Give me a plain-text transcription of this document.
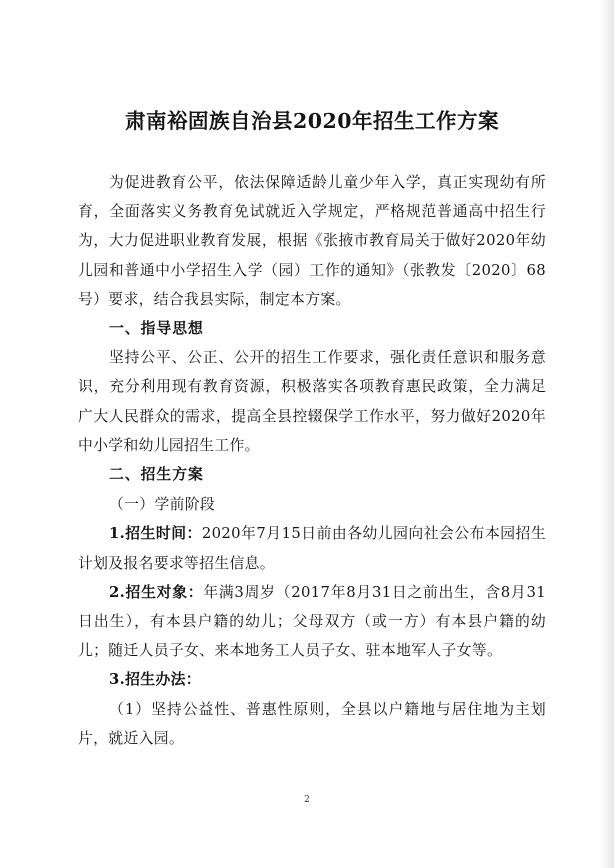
肃南裕固族自治县2020年招生工作方案

为促进教育公平，依法保障适龄儿童少年入学，真正实现幼有所育，全面落实义务教育免试就近入学规定，严格规范普通高中招生行为，大力促进职业教育发展，根据《张掖市教育局关于做好2020年幼儿园和普通中小学招生入学（园）工作的通知》（张教发〔2020〕68号）要求，结合我县实际，制定本方案。

一、指导思想

坚持公平、公正、公开的招生工作要求，强化责任意识和服务意识，充分利用现有教育资源，积极落实各项教育惠民政策，全力满足广大人民群众的需求，提高全县控辍保学工作水平，努力做好2020年中小学和幼儿园招生工作。

二、招生方案

（一）学前阶段

1.招生时间：2020年7月15日前由各幼儿园向社会公布本园招生计划及报名要求等招生信息。

2.招生对象：年满3周岁（2017年8月31日之前出生，含8月31日出生），有本县户籍的幼儿；父母双方（或一方）有本县户籍的幼儿；随迁人员子女、来本地务工人员子女、驻本地军人子女等。

3.招生办法：

（1）坚持公益性、普惠性原则，全县以户籍地与居住地为主划片，就近入园。

2
